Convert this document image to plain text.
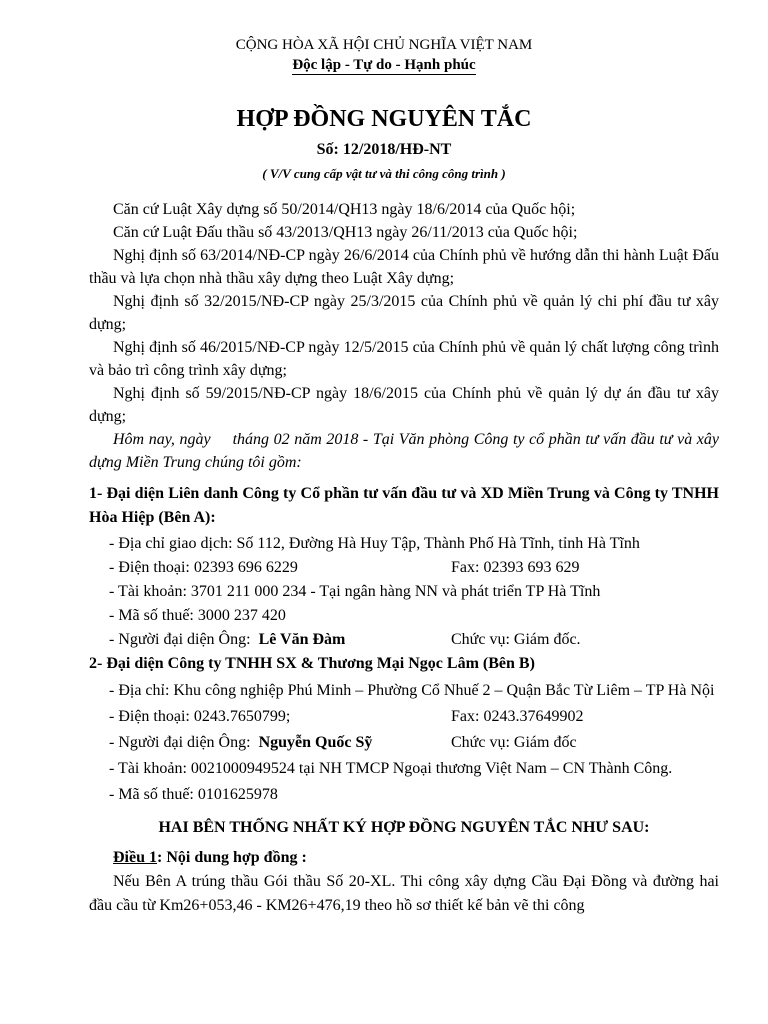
CỘNG HÒA XÃ HỘI CHỦ NGHĨA VIỆT NAM
Độc lập - Tự do - Hạnh phúc
HỢP ĐỒNG NGUYÊN TẮC
Số: 12/2018/HĐ-NT
( V/V cung cấp vật tư và thi công công trình )

Căn cứ Luật Xây dựng số 50/2014/QH13 ngày 18/6/2014 của Quốc hội;

Căn cứ Luật Đấu thầu số 43/2013/QH13 ngày 26/11/2013 của Quốc hội;

Nghị định số 63/2014/NĐ-CP ngày 26/6/2014 của Chính phủ về hướng dẫn thi hành Luật Đấu thầu và lựa chọn nhà thầu xây dựng theo Luật Xây dựng;

Nghị định số 32/2015/NĐ-CP ngày 25/3/2015 của Chính phủ về quản lý chi phí đầu tư xây dựng;

Nghị định số 46/2015/NĐ-CP ngày 12/5/2015 của Chính phủ về quản lý chất lượng công trình và bảo trì công trình xây dựng;

Nghị định số 59/2015/NĐ-CP ngày 18/6/2015 của Chính phủ về quản lý dự án đầu tư xây dựng;

Hôm nay, ngày tháng 02 năm 2018 - Tại Văn phòng Công ty cổ phần tư vấn đầu tư và xây dựng Miền Trung chúng tôi gồm:

1- Đại diện Liên danh Công ty Cổ phần tư vấn đầu tư và XD Miền Trung và Công ty TNHH Hòa Hiệp (Bên A):

- Địa chỉ giao dịch: Số 112, Đường Hà Huy Tập, Thành Phố Hà Tĩnh, tỉnh Hà Tĩnh

- Điện thoại: 02393 696 6229	Fax: 02393 693 629

- Tài khoản: 3701 211 000 234 - Tại ngân hàng NN và phát triển TP Hà Tĩnh

- Mã số thuế: 3000 237 420

- Người đại diện Ông: Lê Văn Đàm	Chức vụ: Giám đốc.

2- Đại diện Công ty TNHH SX & Thương Mại Ngọc Lâm (Bên B)

- Địa chỉ: Khu công nghiệp Phú Minh – Phường Cổ Nhuế 2 – Quận Bắc Từ Liêm – TP Hà Nội

- Điện thoại: 0243.7650799;	Fax: 0243.37649902
- Người đại diện Ông: Nguyễn Quốc Sỹ	Chức vụ: Giám đốc

- Tài khoản: 0021000949524 tại NH TMCP Ngoại thương Việt Nam – CN Thành Công.

- Mã số thuế: 0101625978

HAI BÊN THỐNG NHẤT KÝ HỢP ĐỒNG NGUYÊN TẮC NHƯ SAU:

Điều 1: Nội dung hợp đồng :

Nếu Bên A trúng thầu Gói thầu Số 20-XL. Thi công xây dựng Cầu Đại Đồng và đường hai đầu cầu từ Km26+053,46 - KM26+476,19 theo hồ sơ thiết kế bản vẽ thi công
